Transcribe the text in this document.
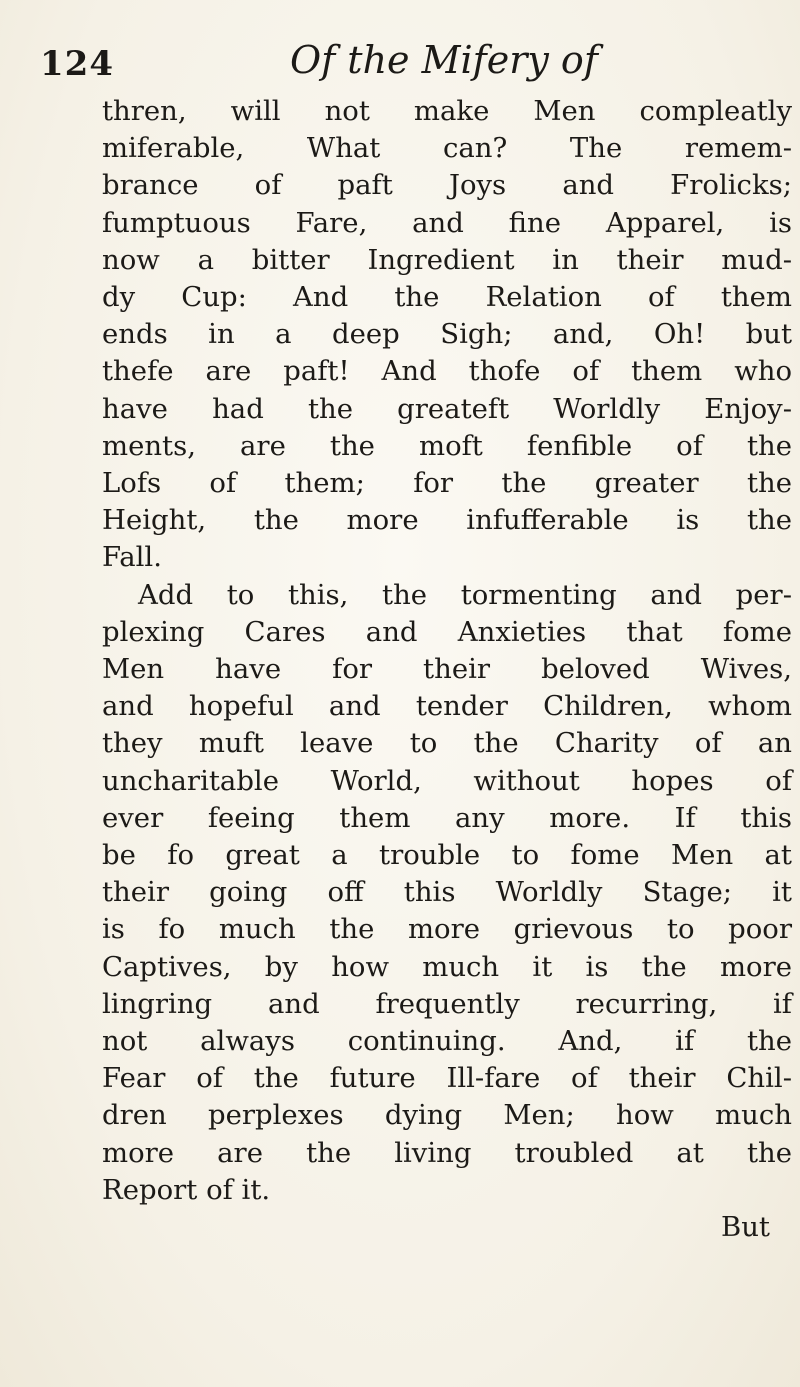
124	Of the Mifery of
thren, will not make Men compleatly
miferable, What can? The remem-
brance of paft Joys and Frolicks;
fumptuous Fare, and fine Apparel, is
now a bitter Ingredient in their mud-
dy Cup: And the Relation of them
ends in a deep Sigh; and, Oh! but
thefe are paft! And thofe of them who
have had the greateft Worldly Enjoy-
ments, are the moft fenfible of the
Lofs of them; for the greater the
Height, the more infufferable is the
Fall.
Add to this, the tormenting and per-
plexing Cares and Anxieties that fome
Men have for their beloved Wives,
and hopeful and tender Children, whom
they muft leave to the Charity of an
uncharitable World, without hopes of
ever feeing them any more. If this
be fo great a trouble to fome Men at
their going off this Worldly Stage; it
is fo much the more grievous to poor
Captives, by how much it is the more
lingring and frequently recurring, if
not always continuing. And, if the
Fear of the future Ill-fare of their Chil-
dren perplexes dying Men; how much
more are the living troubled at the
Report of it.
But
